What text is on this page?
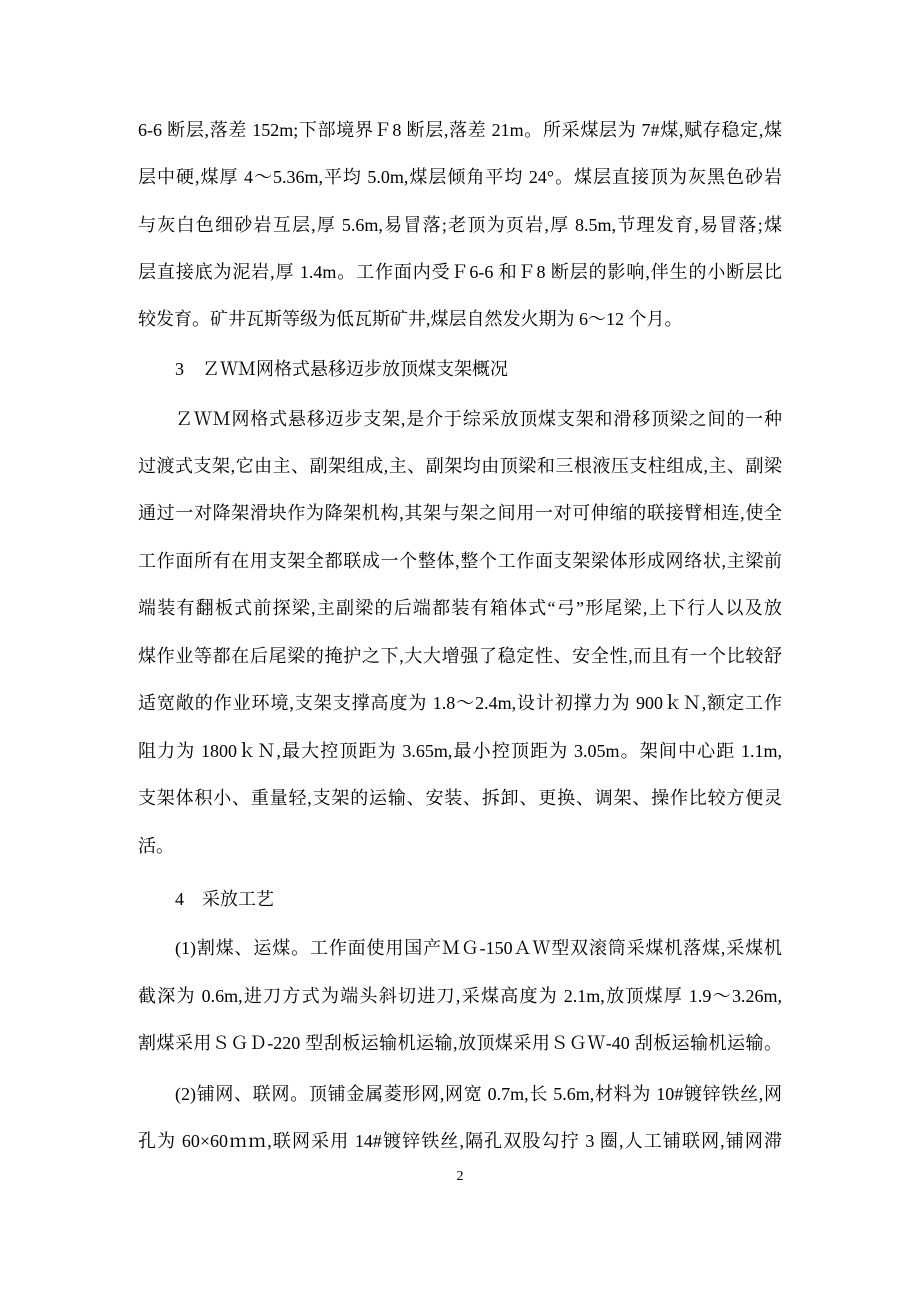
6-6 断层,落差 152m;下部境界Ｆ8 断层,落差 21m。所采煤层为 7#煤,赋存稳定,煤
层中硬,煤厚 4～5.36m,平均 5.0m,煤层倾角平均 24°。煤层直接顶为灰黑色砂岩
与灰白色细砂岩互层,厚 5.6m,易冒落;老顶为页岩,厚 8.5m,节理发育,易冒落;煤
层直接底为泥岩,厚 1.4m。工作面内受Ｆ6-6 和Ｆ8 断层的影响,伴生的小断层比
较发育。矿井瓦斯等级为低瓦斯矿井,煤层自然发火期为 6～12 个月。
3　ＺＷＭ网格式悬移迈步放顶煤支架概况
ＺＷＭ网格式悬移迈步支架,是介于综采放顶煤支架和滑移顶梁之间的一种
过渡式支架,它由主、副架组成,主、副架均由顶梁和三根液压支柱组成,主、副梁
通过一对降架滑块作为降架机构,其架与架之间用一对可伸缩的联接臂相连,使全
工作面所有在用支架全都联成一个整体,整个工作面支架梁体形成网络状,主梁前
端装有翻板式前探梁,主副梁的后端都装有箱体式“弓”形尾梁,上下行人以及放
煤作业等都在后尾梁的掩护之下,大大增强了稳定性、安全性,而且有一个比较舒
适宽敞的作业环境,支架支撑高度为 1.8～2.4m,设计初撑力为 900ｋＮ,额定工作
阻力为 1800ｋＮ,最大控顶距为 3.65m,最小控顶距为 3.05m。架间中心距 1.1m,
支架体积小、重量轻,支架的运输、安装、拆卸、更换、调架、操作比较方便灵
活。
4　采放工艺
(1)割煤、运煤。工作面使用国产ＭＧ-150ＡＷ型双滚筒采煤机落煤,采煤机
截深为 0.6m,进刀方式为端头斜切进刀,采煤高度为 2.1m,放顶煤厚 1.9～3.26m,
割煤采用ＳＧＤ-220 型刮板运输机运输,放顶煤采用ＳＧＷ-40 刮板运输机运输。
(2)铺网、联网。顶铺金属菱形网,网宽 0.7m,长 5.6m,材料为 10#镀锌铁丝,网
孔为 60×60ｍｍ,联网采用 14#镀锌铁丝,隔孔双股勾拧 3 圈,人工铺联网,铺网滞
2
